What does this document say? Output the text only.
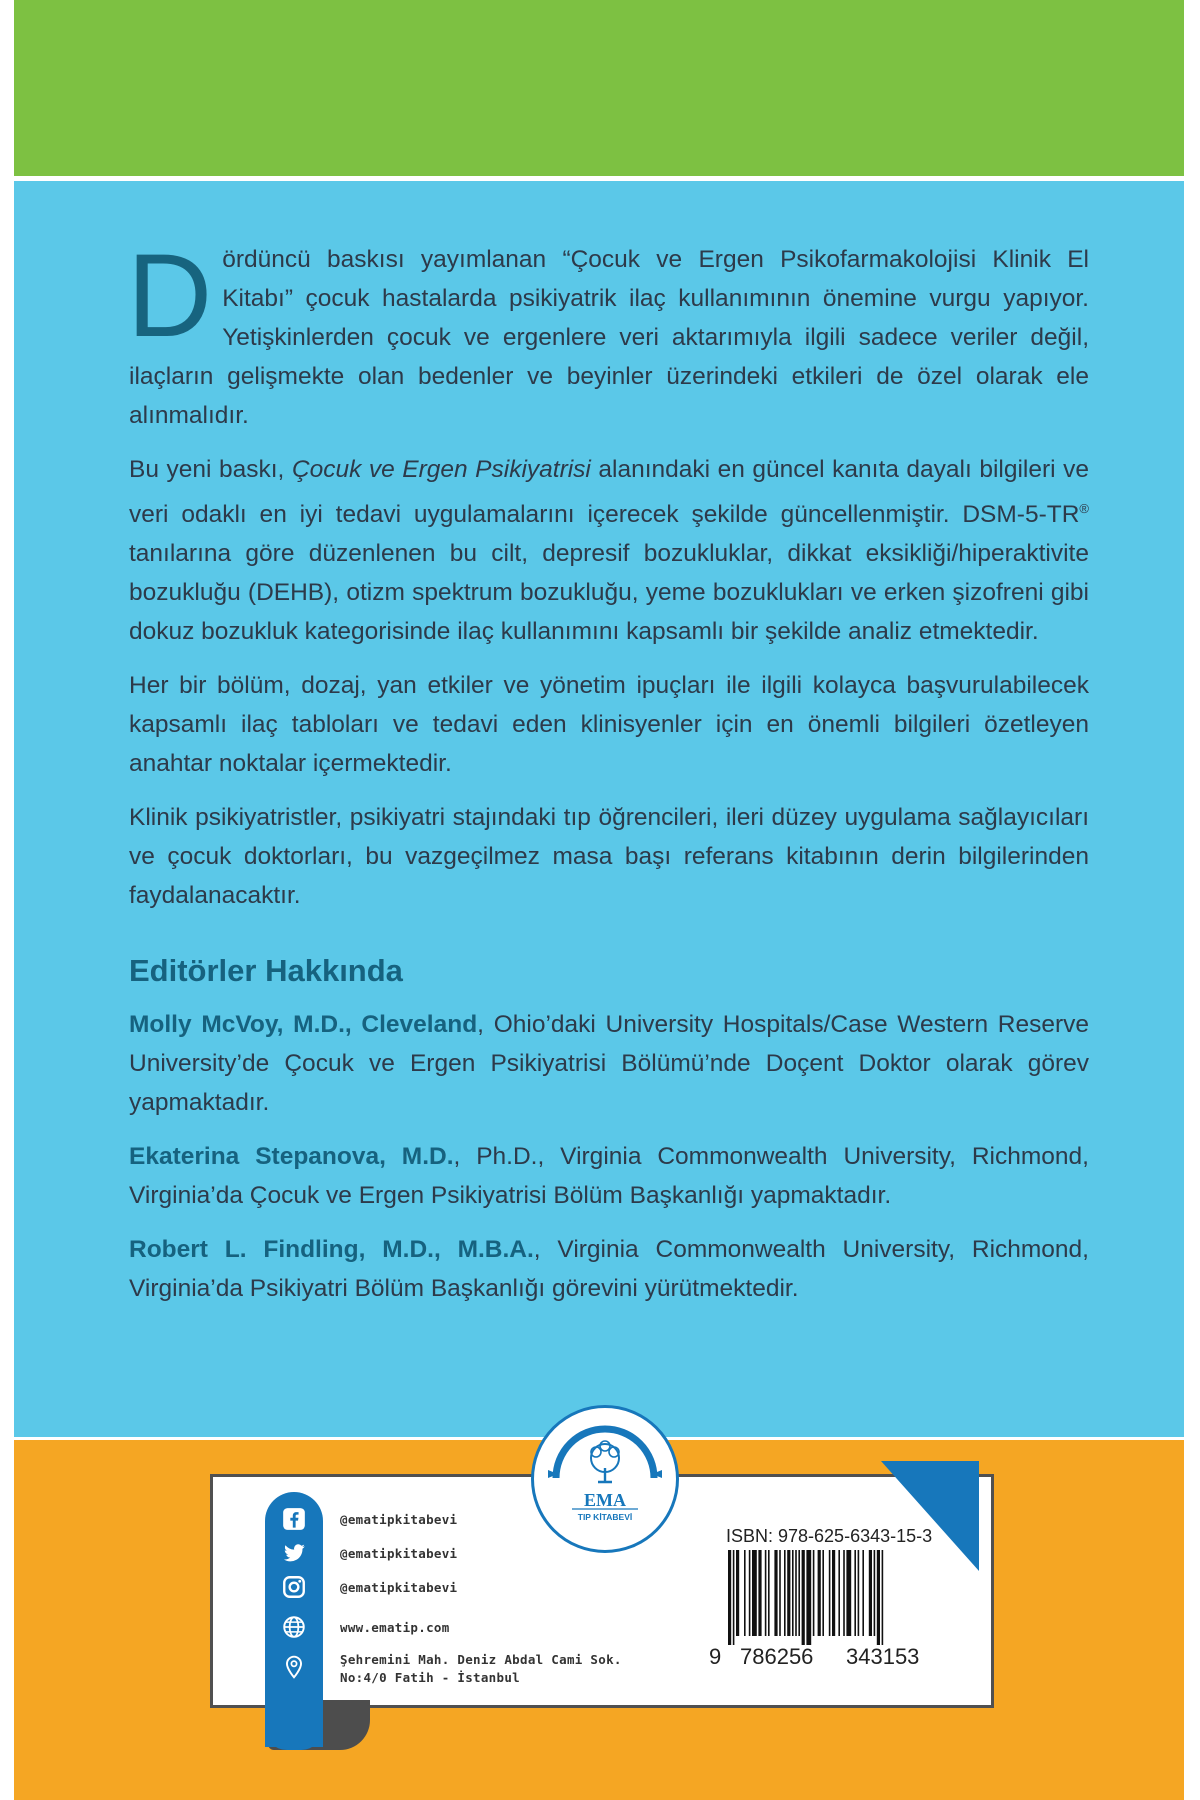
Dördüncü baskısı yayımlanan “Çocuk ve Ergen Psikofarmakolojisi Klinik El Kitabı” çocuk hastalarda psikiyatrik ilaç kullanımının önemine vurgu yapıyor. Yetişkinlerden çocuk ve ergenlere veri aktarımıyla ilgili sadece veriler değil, ilaçların gelişmekte olan bedenler ve beyinler üzerindeki etkileri de özel olarak ele alınmalıdır.

Bu yeni baskı, Çocuk ve Ergen Psikiyatrisi alanındaki en güncel kanıta dayalı bilgileri ve veri odaklı en iyi tedavi uygulamalarını içerecek şekilde güncellenmiştir. DSM-5-TR® tanılarına göre düzenlenen bu cilt, depresif bozukluklar, dikkat eksikliği/hiperaktivite bozukluğu (DEHB), otizm spektrum bozukluğu, yeme bozuklukları ve erken şizofreni gibi dokuz bozukluk kategorisinde ilaç kullanımını kapsamlı bir şekilde analiz etmektedir.

Her bir bölüm, dozaj, yan etkiler ve yönetim ipuçları ile ilgili kolayca başvurulabilecek kapsamlı ilaç tabloları ve tedavi eden klinisyenler için en önemli bilgileri özetleyen anahtar noktalar içermektedir.

Klinik psikiyatristler, psikiyatri stajındaki tıp öğrencileri, ileri düzey uygulama sağlayıcıları ve çocuk doktorları, bu vazgeçilmez masa başı referans kitabının derin bilgilerinden faydalanacaktır.

Editörler Hakkında

Molly McVoy, M.D., Cleveland, Ohio’daki University Hospitals/Case Western Reserve University’de Çocuk ve Ergen Psikiyatrisi Bölümü’nde Doçent Doktor olarak görev yapmaktadır.

Ekaterina Stepanova, M.D., Ph.D., Virginia Commonwealth University, Richmond, Virginia’da Çocuk ve Ergen Psikiyatrisi Bölüm Başkanlığı yapmaktadır.

Robert L. Findling, M.D., M.B.A., Virginia Commonwealth University, Richmond, Virginia’da Psikiyatri Bölüm Başkanlığı görevini yürütmektedir.

@ematipkitabevi
@ematipkitabevi
@ematipkitabevi
www.ematip.com
Şehremini Mah. Deniz Abdal Cami Sok.
No:4/0 Fatih - İstanbul
EMA
TIP KİTABEVİ
ISBN: 978-625-6343-15-3
9 786256 343153
